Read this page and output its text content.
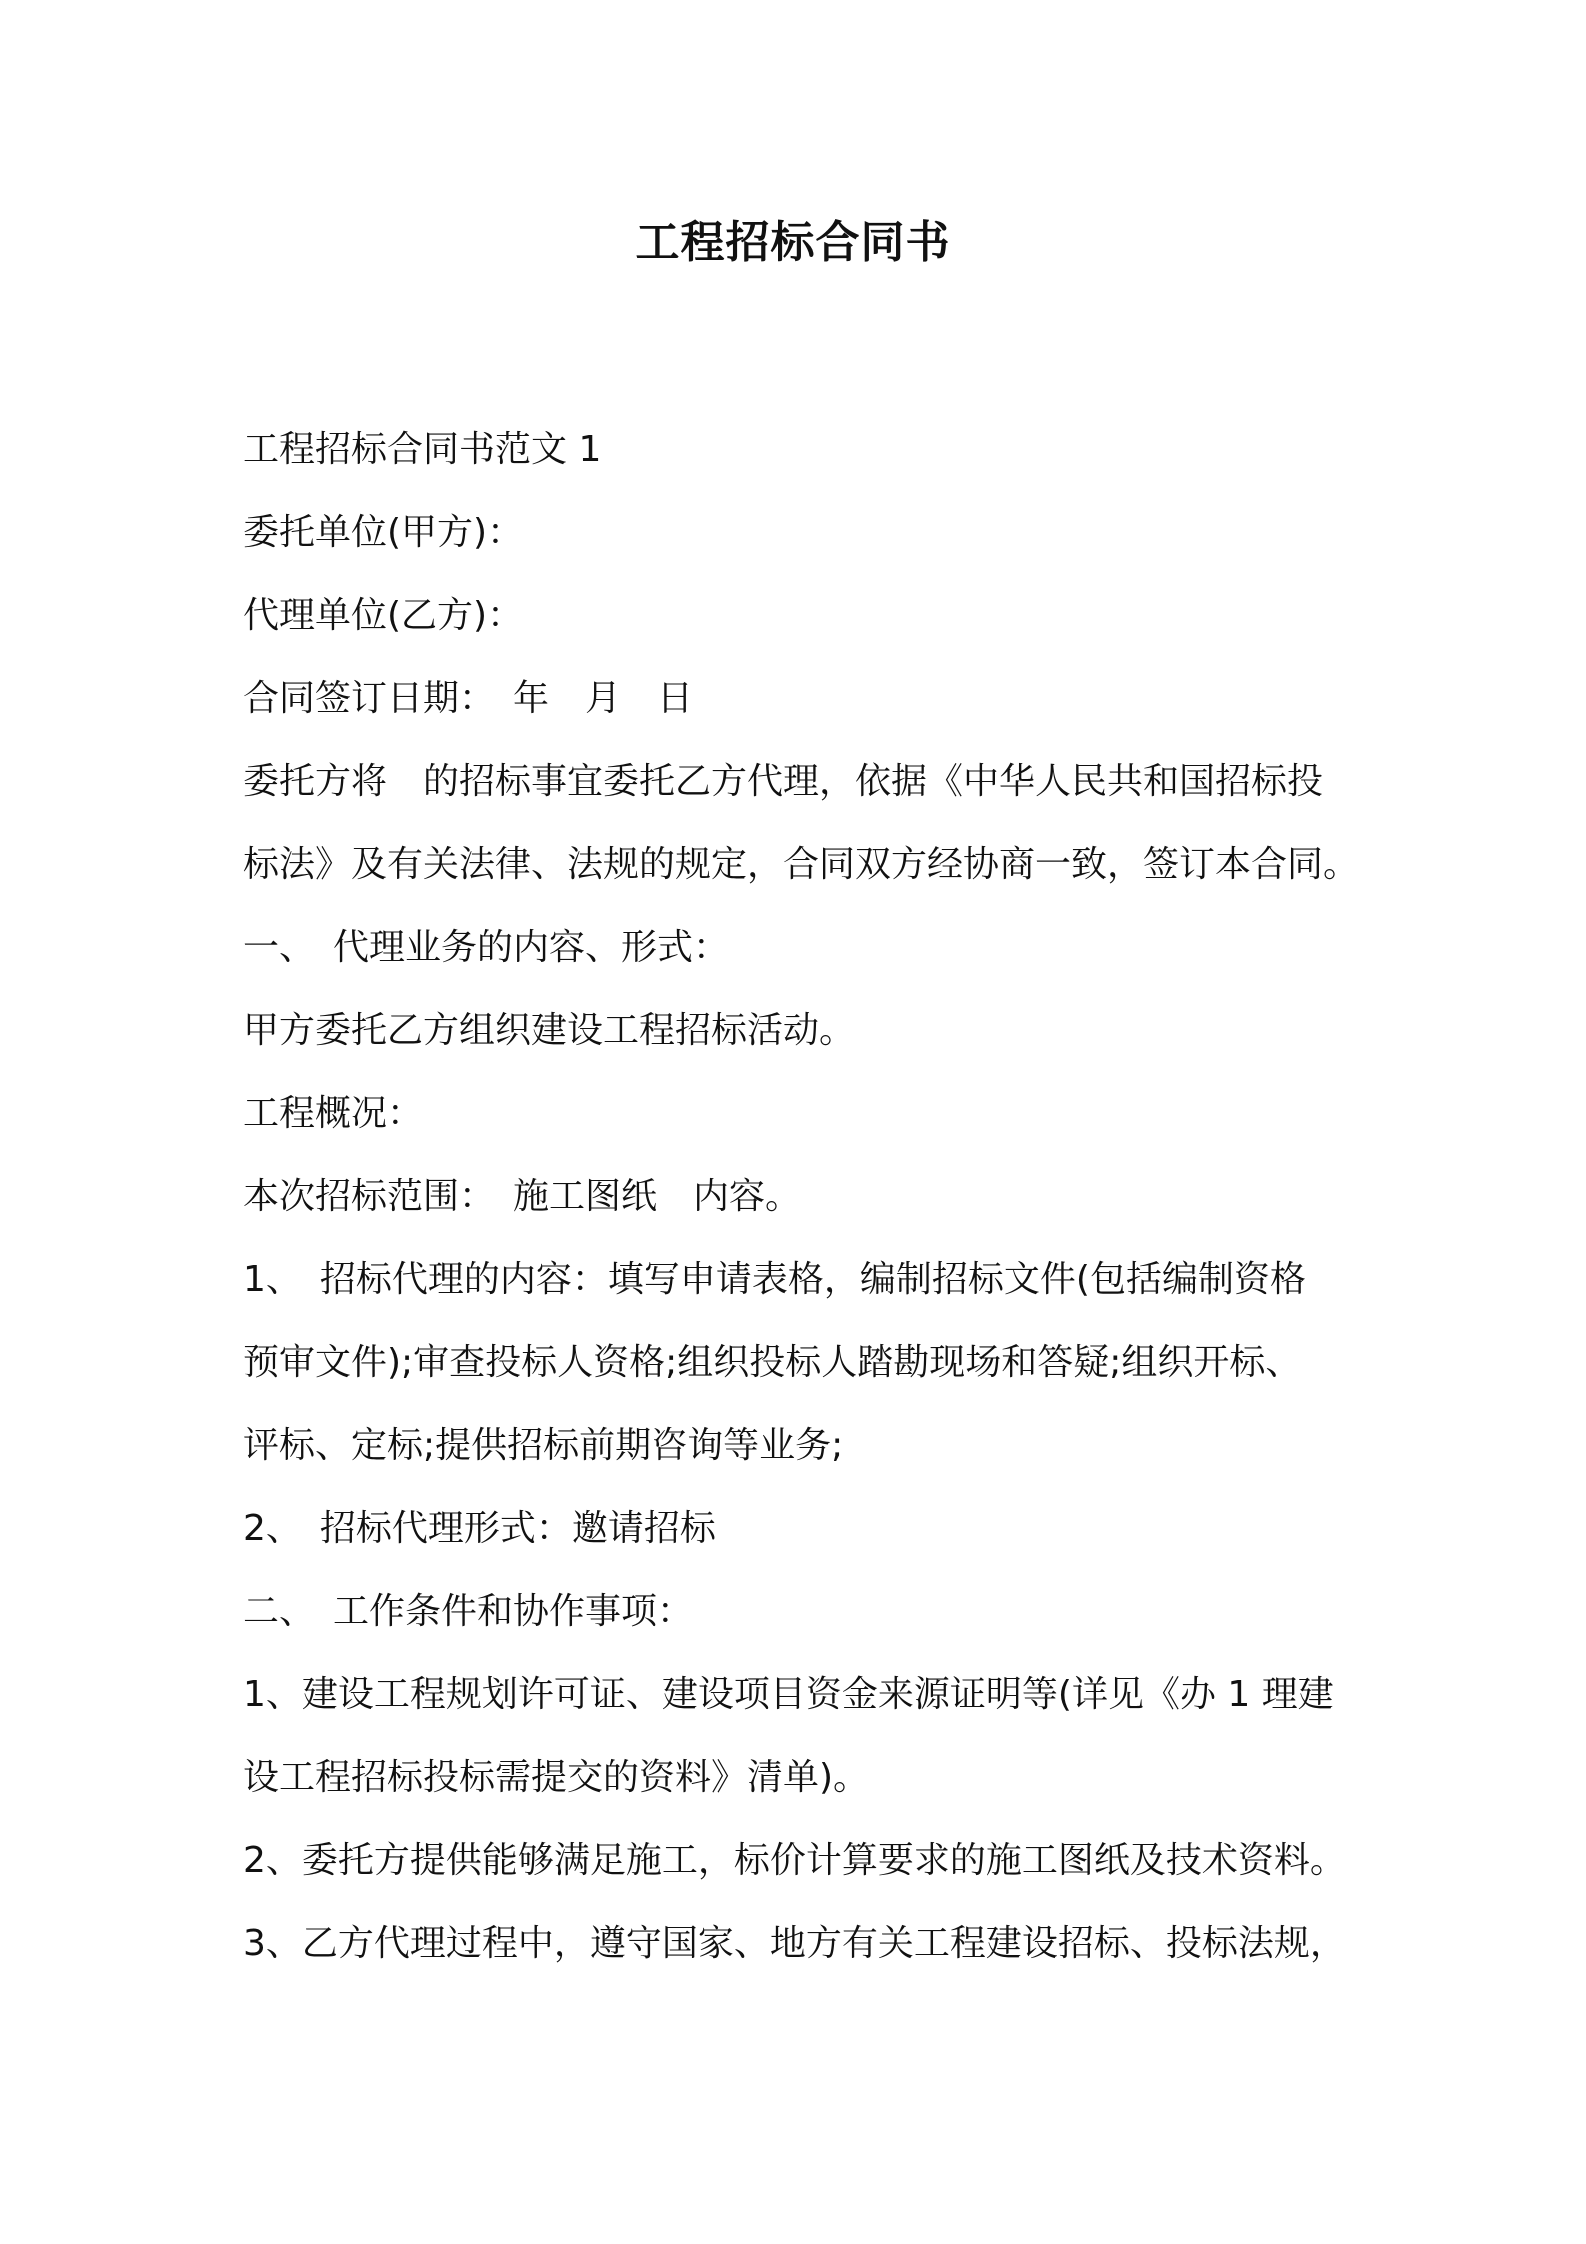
工程招标合同书

工程招标合同书范文 1

委托单位(甲方)：

代理单位(乙方)：

合同签订日期：　年　月　日

委托方将　的招标事宜委托乙方代理，依据《中华人民共和国招标投

标法》及有关法律、法规的规定，合同双方经协商一致，签订本合同。

一、　代理业务的内容、形式：

甲方委托乙方组织建设工程招标活动。

工程概况：

本次招标范围：　施工图纸　内容。

1、　招标代理的内容：填写申请表格，编制招标文件(包括编制资格

预审文件);审查投标人资格;组织投标人踏勘现场和答疑;组织开标、

评标、定标;提供招标前期咨询等业务;

2、　招标代理形式：邀请招标

二、　工作条件和协作事项：

1、建设工程规划许可证、建设项目资金来源证明等(详见《办 1 理建

设工程招标投标需提交的资料》清单)。

2、委托方提供能够满足施工，标价计算要求的施工图纸及技术资料。

3、乙方代理过程中，遵守国家、地方有关工程建设招标、投标法规，
